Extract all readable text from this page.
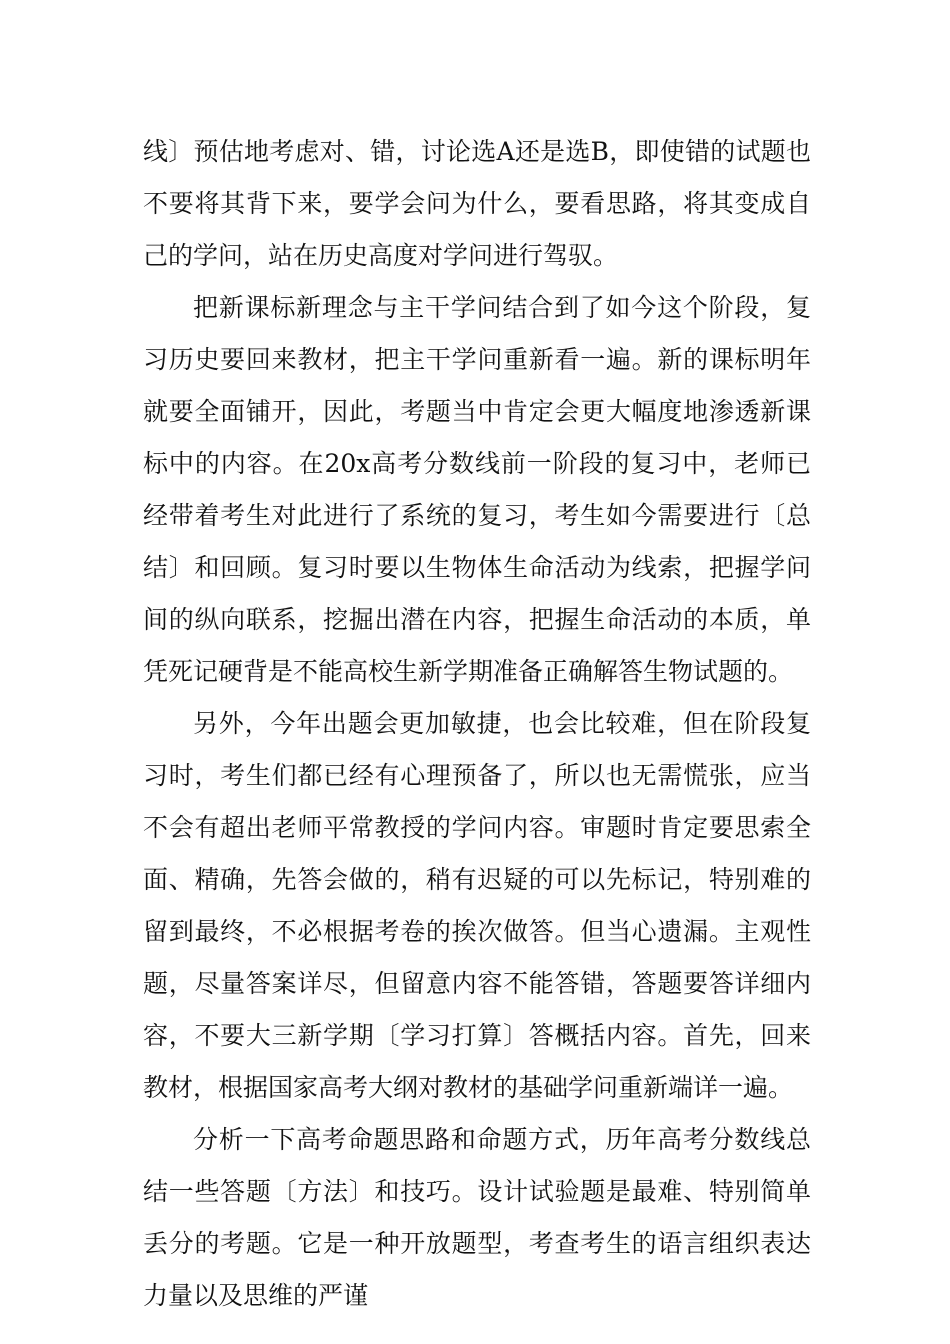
线〕预估地考虑对、错，讨论选A还是选B，即使错的试题也不要将其背下来，要学会问为什么，要看思路，将其变成自己的学问，站在历史高度对学问进行驾驭。

把新课标新理念与主干学问结合到了如今这个阶段，复习历史要回来教材，把主干学问重新看一遍。新的课标明年就要全面铺开，因此，考题当中肯定会更大幅度地渗透新课标中的内容。在20x高考分数线前一阶段的复习中，老师已经带着考生对此进行了系统的复习，考生如今需要进行〔总结〕和回顾。复习时要以生物体生命活动为线索，把握学问间的纵向联系，挖掘出潜在内容，把握生命活动的本质，单凭死记硬背是不能高校生新学期准备正确解答生物试题的。

另外，今年出题会更加敏捷，也会比较难，但在阶段复习时，考生们都已经有心理预备了，所以也无需慌张，应当不会有超出老师平常教授的学问内容。审题时肯定要思索全面、精确，先答会做的，稍有迟疑的可以先标记，特别难的留到最终，不必根据考卷的挨次做答。但当心遗漏。主观性题，尽量答案详尽，但留意内容不能答错，答题要答详细内容，不要大三新学期〔学习打算〕答概括内容。首先，回来教材，根据国家高考大纲对教材的基础学问重新端详一遍。

分析一下高考命题思路和命题方式，历年高考分数线总结一些答题〔方法〕和技巧。设计试验题是最难、特别简单丢分的考题。它是一种开放题型，考查考生的语言组织表达力量以及思维的严谨
